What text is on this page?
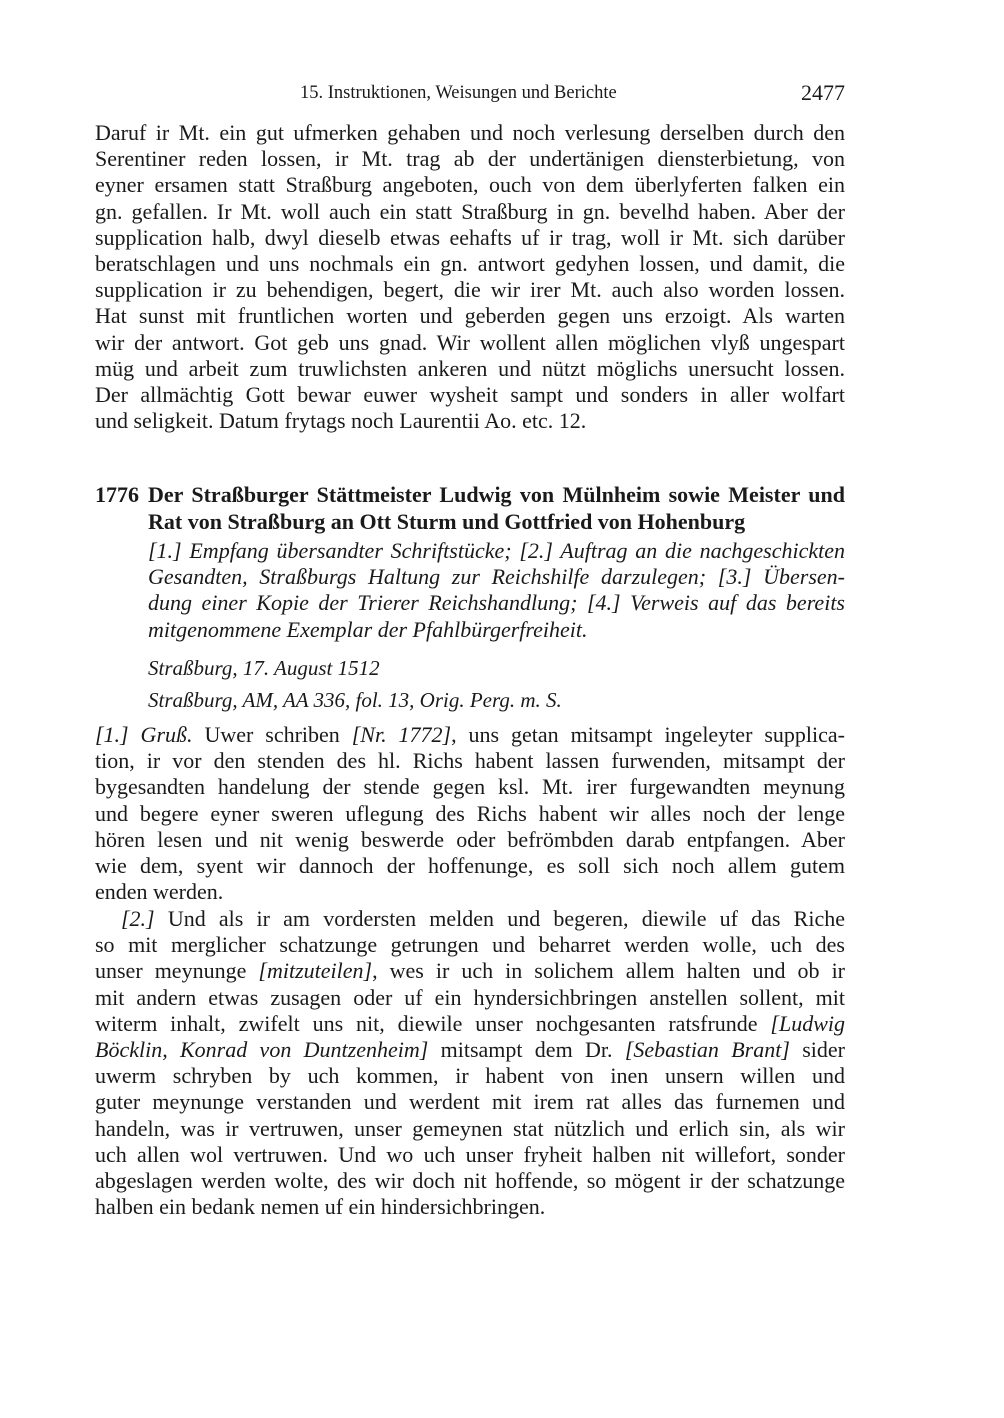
15. Instruktionen, Weisungen und Berichte	2477
Daruf ir Mt. ein gut ufmerken gehaben und noch verlesung derselben durch den
Serentiner reden lossen, ir Mt. trag ab der undertänigen diensterbietung, von
eyner ersamen statt Straßburg angeboten, ouch von dem überlyferten falken ein
gn. gefallen. Ir Mt. woll auch ein statt Straßburg in gn. bevelhd haben. Aber der
supplication halb, dwyl dieselb etwas eehafts uf ir trag, woll ir Mt. sich darüber
beratschlagen und uns nochmals ein gn. antwort gedyhen lossen, und damit, die
supplication ir zu behendigen, begert, die wir irer Mt. auch also worden lossen.
Hat sunst mit fruntlichen worten und geberden gegen uns erzoigt. Als warten
wir der antwort. Got geb uns gnad. Wir wollent allen möglichen vlyß ungespart
müg und arbeit zum truwlichsten ankeren und nützt möglichs unersucht lossen.
Der allmächtig Gott bewar euwer wysheit sampt und sonders in aller wolfart
und seligkeit. Datum frytags noch Laurentii Ao. etc. 12.
1776 Der Straßburger Stättmeister Ludwig von Mülnheim sowie Meister und
Rat von Straßburg an Ott Sturm und Gottfried von Hohenburg
[1.] Empfang übersandter Schriftstücke; [2.] Auftrag an die nachgeschickten
Gesandten, Straßburgs Haltung zur Reichshilfe darzulegen; [3.] Übersen-
dung einer Kopie der Trierer Reichshandlung; [4.] Verweis auf das bereits
mitgenommene Exemplar der Pfahlbürgerfreiheit.
Straßburg, 17. August 1512
Straßburg, AM, AA 336, fol. 13, Orig. Perg. m. S.
[1.] Gruß. Uwer schriben [Nr. 1772], uns getan mitsampt ingeleyter supplica-
tion, ir vor den stenden des hl. Richs habent lassen furwenden, mitsampt der
bygesandten handelung der stende gegen ksl. Mt. irer furgewandten meynung
und begere eyner sweren uflegung des Richs habent wir alles noch der lenge
hören lesen und nit wenig beswerde oder befrömbden darab entpfangen. Aber
wie dem, syent wir dannoch der hoffenunge, es soll sich noch allem gutem
enden werden.
[2.] Und als ir am vordersten melden und begeren, diewile uf das Riche
so mit merglicher schatzunge getrungen und beharret werden wolle, uch des
unser meynunge [mitzuteilen], wes ir uch in solichem allem halten und ob ir
mit andern etwas zusagen oder uf ein hyndersichbringen anstellen sollent, mit
witerm inhalt, zwifelt uns nit, diewile unser nochgesanten ratsfrunde [Ludwig
Böcklin, Konrad von Duntzenheim] mitsampt dem Dr. [Sebastian Brant] sider
uwerm schryben by uch kommen, ir habent von inen unsern willen und
guter meynunge verstanden und werdent mit irem rat alles das furnemen und
handeln, was ir vertruwen, unser gemeynen stat nützlich und erlich sin, als wir
uch allen wol vertruwen. Und wo uch unser fryheit halben nit willefort, sonder
abgeslagen werden wolte, des wir doch nit hoffende, so mögent ir der schatzunge
halben ein bedank nemen uf ein hindersichbringen.
